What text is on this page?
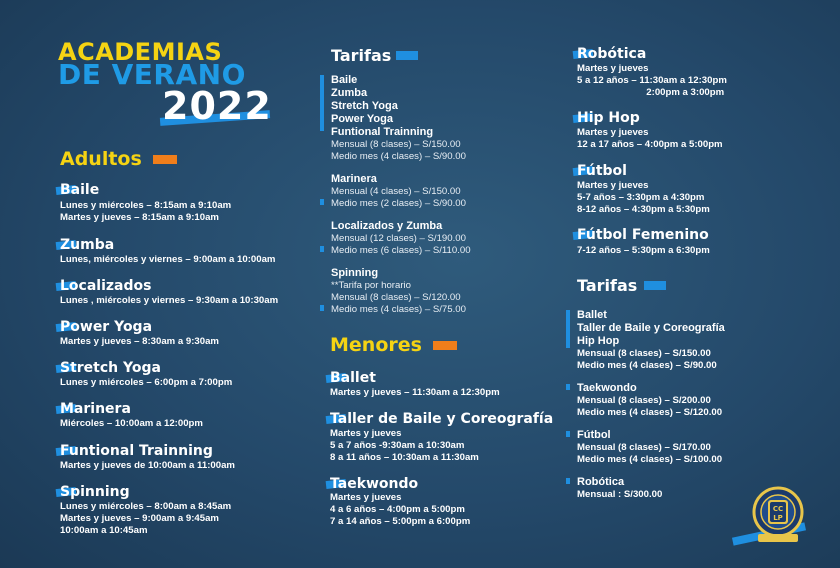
ACADEMIAS
DE VERANO
2022
Adultos
Baile
Lunes y miércoles – 8:15am a 9:10am
Martes y jueves – 8:15am a 9:10am
Zumba
Lunes, miércoles y viernes – 9:00am a 10:00am
Localizados
Lunes , miércoles y viernes – 9:30am a 10:30am
Power Yoga
Martes y jueves – 8:30am a 9:30am
Stretch Yoga
Lunes y miércoles – 6:00pm a 7:00pm
Marinera
Miércoles – 10:00am a 12:00pm
Funtional Trainning
Martes y jueves de 10:00am a 11:00am
Spinning
Lunes y miércoles – 8:00am a 8:45am
Martes y jueves – 9:00am a 9:45am
10:00am a 10:45am
Tarifas
Baile
Zumba
Stretch Yoga
Power Yoga
Funtional Trainning
Mensual (8 clases) – S/150.00
Medio mes (4 clases) – S/90.00
Marinera
Mensual (4 clases) – S/150.00
Medio mes (2 clases) – S/90.00
Localizados y Zumba
Mensual (12 clases) – S/190.00
Medio mes (6 clases) – S/110.00
Spinning
**Tarifa por horario
Mensual (8 clases) – S/120.00
Medio mes (4 clases) – S/75.00
Menores
Ballet
Martes y jueves – 11:30am a 12:30pm
Taller de Baile y Coreografía
Martes y jueves
5 a 7 años -9:30am a 10:30am
8 a 11 años – 10:30am a 11:30am
Taekwondo
Martes y jueves
4 a 6 años – 4:00pm a 5:00pm
7 a 14 años – 5:00pm a 6:00pm
Robótica
Martes y jueves
5 a 12 años – 11:30am a 12:30pm
2:00pm a 3:00pm
Hip Hop
Martes y jueves
12 a 17 años – 4:00pm a 5:00pm
Fútbol
Martes y jueves
5-7 años – 3:30pm a 4:30pm
8-12 años – 4:30pm a 5:30pm
Fútbol Femenino
7-12 años – 5:30pm a 6:30pm
Tarifas
Ballet
Taller de Baile y Coreografía
Hip Hop
Mensual (8 clases) – S/150.00
Medio mes (4 clases) – S/90.00
Taekwondo
Mensual (8 clases) – S/200.00
Medio mes (4 clases) – S/120.00
Fútbol
Mensual (8 clases) – S/170.00
Medio mes (4 clases) – S/100.00
Robótica
Mensual : S/300.00
CC
LP
